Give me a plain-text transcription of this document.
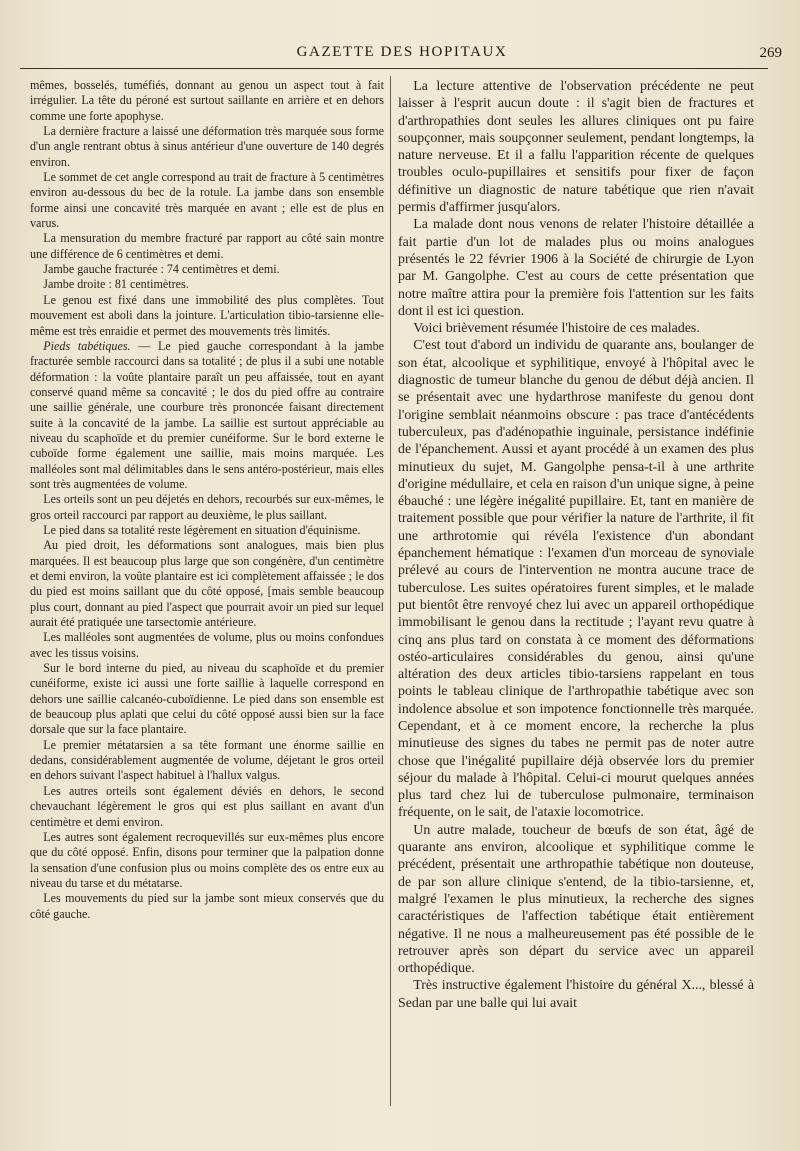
GAZETTE DES HOPITAUX	269

mêmes, bosselés, tuméfiés, donnant au genou un aspect tout à fait irrégulier. La tête du péroné est surtout saillante en arrière et en dehors comme une forte apophyse.

La dernière fracture a laissé une déformation très marquée sous forme d'un angle rentrant obtus à sinus antérieur d'une ouverture de 140 degrés environ.

Le sommet de cet angle correspond au trait de fracture à 5 centimètres environ au-dessous du bec de la rotule. La jambe dans son ensemble forme ainsi une concavité très marquée en avant ; elle est de plus en varus.

La mensuration du membre fracturé par rapport au côté sain montre une différence de 6 centimètres et demi.

Jambe gauche fracturée : 74 centimètres et demi.

Jambe droite : 81 centimètres.

Le genou est fixé dans une immobilité des plus complètes. Tout mouvement est aboli dans la jointure. L'articulation tibio-tarsienne elle-même est très enraidie et permet des mouvements très limités.

Pieds tabétiques. — Le pied gauche correspondant à la jambe fracturée semble raccourci dans sa totalité ; de plus il a subi une notable déformation : la voûte plantaire paraît un peu affaissée, tout en ayant conservé quand même sa concavité ; le dos du pied offre au contraire une saillie générale, une courbure très prononcée faisant directement suite à la concavité de la jambe. La saillie est surtout appréciable au niveau du scaphoïde et du premier cunéiforme. Sur le bord externe le cuboïde forme également une saillie, mais moins marquée. Les malléoles sont mal délimitables dans le sens antéro-postérieur, mais elles sont très augmentées de volume.

Les orteils sont un peu déjetés en dehors, recourbés sur eux-mêmes, le gros orteil raccourci par rapport au deuxième, le plus saillant.

Le pied dans sa totalité reste légèrement en situation d'équinisme.

Au pied droit, les déformations sont analogues, mais bien plus marquées. Il est beaucoup plus large que son congénère, d'un centimètre et demi environ, la voûte plantaire est ici complètement affaissée ; le dos du pied est moins saillant que du côté opposé, [mais semble beaucoup plus court, donnant au pied l'aspect que pourrait avoir un pied sur lequel aurait été pratiquée une tarsectomie antérieure.

Les malléoles sont augmentées de volume, plus ou moins confondues avec les tissus voisins.

Sur le bord interne du pied, au niveau du scaphoïde et du premier cunéiforme, existe ici aussi une forte saillie à laquelle correspond en dehors une saillie calcanéo-cuboïdienne. Le pied dans son ensemble est de beaucoup plus aplati que celui du côté opposé aussi bien sur la face dorsale que sur la face plantaire.

Le premier métatarsien a sa tête formant une énorme saillie en dedans, considérablement augmentée de volume, déjetant le gros orteil en dehors suivant l'aspect habituel à l'hallux valgus.

Les autres orteils sont également déviés en dehors, le second chevauchant légèrement le gros qui est plus saillant en avant d'un centimètre et demi environ.

Les autres sont également recroquevillés sur eux-mêmes plus encore que du côté opposé. Enfin, disons pour terminer que la palpation donne la sensation d'une confusion plus ou moins complète des os entre eux au niveau du tarse et du métatarse.

Les mouvements du pied sur la jambe sont mieux conservés que du côté gauche.

La lecture attentive de l'observation précédente ne peut laisser à l'esprit aucun doute : il s'agit bien de fractures et d'arthropathies dont seules les allures cliniques ont pu faire soupçonner, mais soupçonner seulement, pendant longtemps, la nature nerveuse. Et il a fallu l'apparition récente de quelques troubles oculo-pupillaires et sensitifs pour fixer de façon définitive un diagnostic de nature tabétique que rien n'avait permis d'affirmer jusqu'alors.

La malade dont nous venons de relater l'histoire détaillée a fait partie d'un lot de malades plus ou moins analogues présentés le 22 février 1906 à la Société de chirurgie de Lyon par M. Gangolphe. C'est au cours de cette présentation que notre maître attira pour la première fois l'attention sur les faits dont il est ici question.

Voici brièvement résumée l'histoire de ces malades.

C'est tout d'abord un individu de quarante ans, boulanger de son état, alcoolique et syphilitique, envoyé à l'hôpital avec le diagnostic de tumeur blanche du genou de début déjà ancien. Il se présentait avec une hydarthrose manifeste du genou dont l'origine semblait néanmoins obscure : pas trace d'antécédents tuberculeux, pas d'adénopathie inguinale, persistance indéfinie de l'épanchement. Aussi et ayant procédé à un examen des plus minutieux du sujet, M. Gangolphe pensa-t-il à une arthrite d'origine médullaire, et cela en raison d'un unique signe, à peine ébauché : une légère inégalité pupillaire. Et, tant en manière de traitement possible que pour vérifier la nature de l'arthrite, il fit une arthrotomie qui révéla l'existence d'un abondant épanchement hématique : l'examen d'un morceau de synoviale prélevé au cours de l'intervention ne montra aucune trace de tuberculose. Les suites opératoires furent simples, et le malade put bientôt être renvoyé chez lui avec un appareil orthopédique immobilisant le genou dans la rectitude ; l'ayant revu quatre à cinq ans plus tard on constata à ce moment des déformations ostéo-articulaires considérables du genou, ainsi qu'une altération des deux articles tibio-tarsiens rappelant en tous points le tableau clinique de l'arthropathie tabétique avec son indolence absolue et son impotence fonctionnelle très marquée. Cependant, et à ce moment encore, la recherche la plus minutieuse des signes du tabes ne permit pas de noter autre chose que l'inégalité pupillaire déjà observée lors du premier séjour du malade à l'hôpital. Celui-ci mourut quelques années plus tard chez lui de tuberculose pulmonaire, terminaison fréquente, on le sait, de l'ataxie locomotrice.

Un autre malade, toucheur de bœufs de son état, âgé de quarante ans environ, alcoolique et syphilitique comme le précédent, présentait une arthropathie tabétique non douteuse, de par son allure clinique s'entend, de la tibio-tarsienne, et, malgré l'examen le plus minutieux, la recherche des signes caractéristiques de l'affection tabétique était entièrement négative. Il ne nous a malheureusement pas été possible de le retrouver après son départ du service avec un appareil orthopédique.

Très instructive également l'histoire du général X..., blessé à Sedan par une balle qui lui avait
